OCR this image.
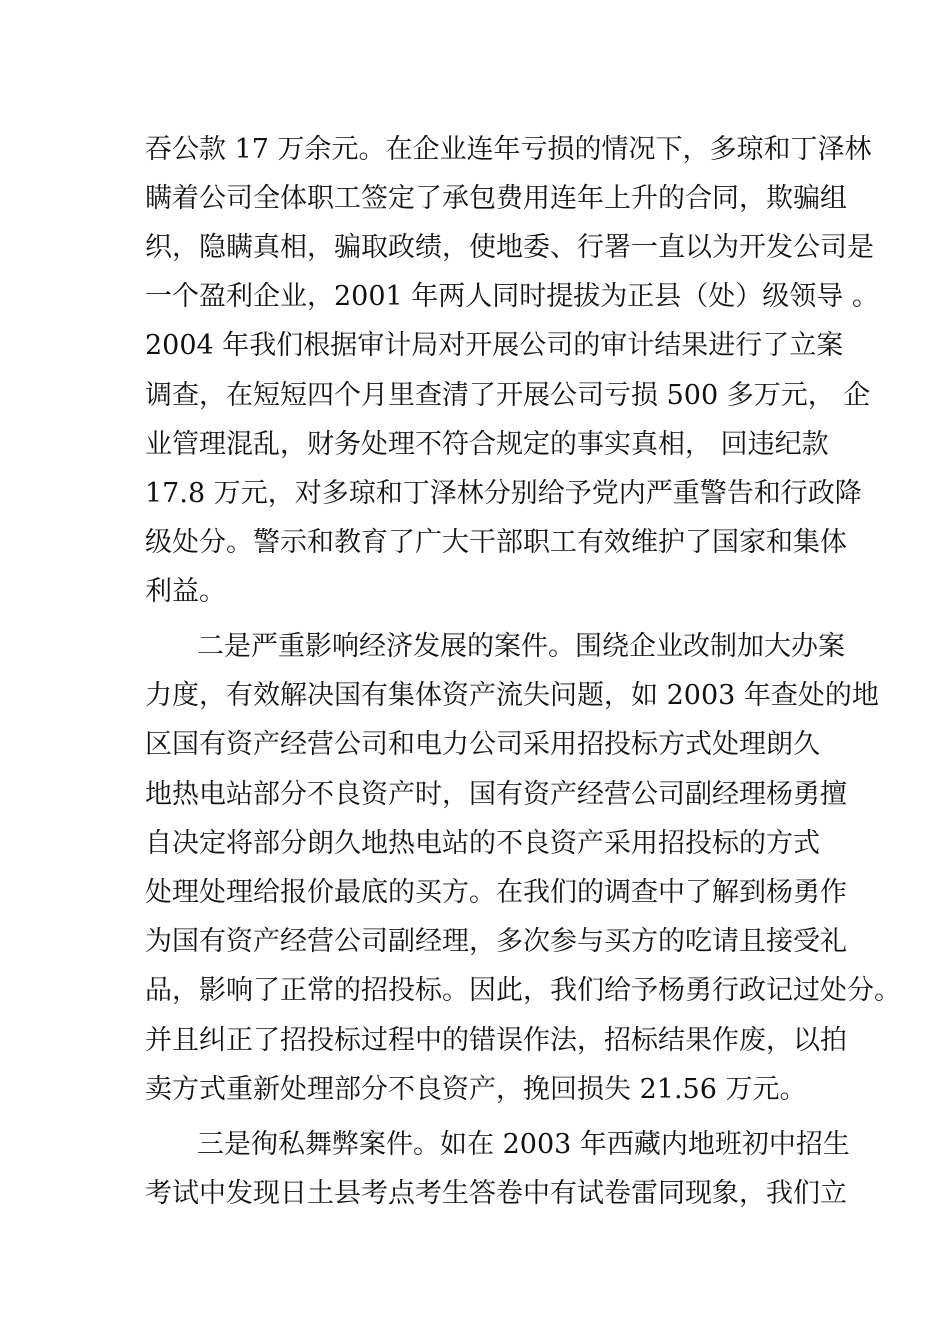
吞公款 17 万余元。在企业连年亏损的情况下，多琼和丁泽林
瞒着公司全体职工签定了承包费用连年上升的合同，欺骗组
织，隐瞒真相，骗取政绩，使地委、行署一直以为开发公司是
一个盈利企业，2001 年两人同时提拔为正县（处）级领导 。
2004 年我们根据审计局对开展公司的审计结果进行了立案
调查，在短短四个月里查清了开展公司亏损 500 多万元， 企
业管理混乱，财务处理不符合规定的事实真相， 回违纪款
17.8 万元，对多琼和丁泽林分别给予党内严重警告和行政降
级处分。警示和教育了广大干部职工有效维护了国家和集体
利益。
二是严重影响经济发展的案件。围绕企业改制加大办案
力度，有效解决国有集体资产流失问题，如 2003 年查处的地
区国有资产经营公司和电力公司采用招投标方式处理朗久
地热电站部分不良资产时，国有资产经营公司副经理杨勇擅
自决定将部分朗久地热电站的不良资产采用招投标的方式
处理处理给报价最底的买方。在我们的调查中了解到杨勇作
为国有资产经营公司副经理，多次参与买方的吃请且接受礼
品，影响了正常的招投标。因此，我们给予杨勇行政记过处分。
并且纠正了招投标过程中的错误作法，招标结果作废，以拍
卖方式重新处理部分不良资产，挽回损失 21.56 万元。
三是徇私舞弊案件。如在 2003 年西藏内地班初中招生
考试中发现日土县考点考生答卷中有试卷雷同现象，我们立
